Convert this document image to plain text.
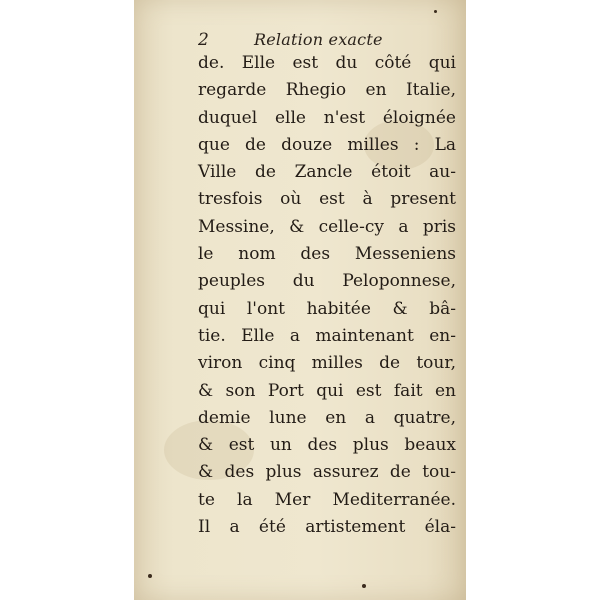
2	Relation exacte
de. Elle est du côté qui
regarde Rhegio en Italie,
duquel elle n'est éloignée
que de douze milles : La
Ville de Zancle étoit au-
tresfois où est à present
Messine, & celle-cy a pris
le nom des Messeniens
peuples du Peloponnese,
qui l'ont habitée & bâ-
tie. Elle a maintenant en-
viron cinq milles de tour,
& son Port qui est fait en
demie lune en a quatre,
& est un des plus beaux
& des plus assurez de tou-
te la Mer Mediterranée.
Il a été artistement éla-
